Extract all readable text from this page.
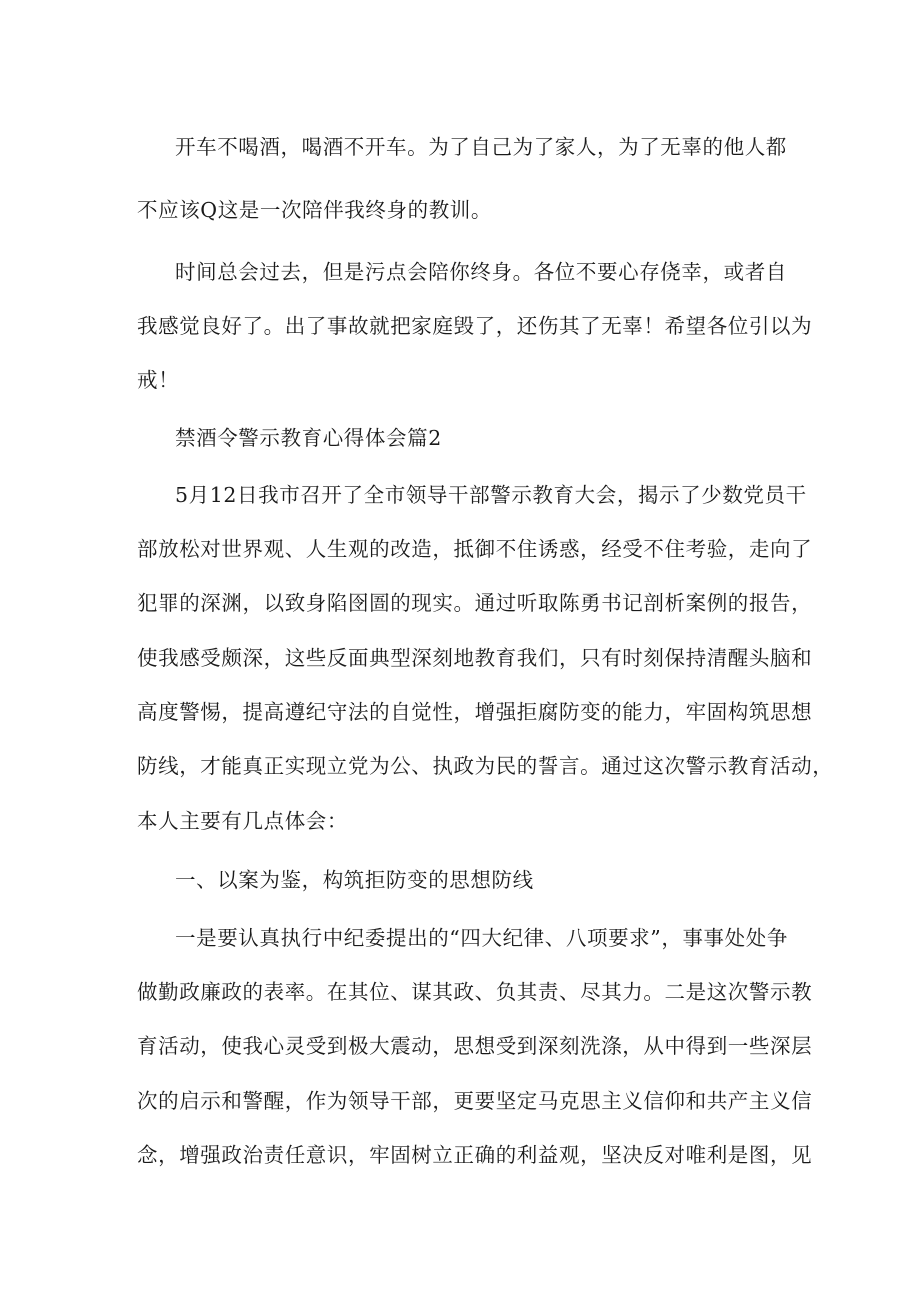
开车不喝酒，喝酒不开车。为了自己为了家人，为了无辜的他人都
不应该Q这是一次陪伴我终身的教训。
时间总会过去，但是污点会陪你终身。各位不要心存侥幸，或者自
我感觉良好了。出了事故就把家庭毁了，还伤其了无辜！希望各位引以为
戒！
禁酒令警示教育心得体会篇2
5月12日我市召开了全市领导干部警示教育大会，揭示了少数党员干
部放松对世界观、人生观的改造，抵御不住诱惑，经受不住考验，走向了
犯罪的深渊，以致身陷囹圄的现实。通过听取陈勇书记剖析案例的报告，
使我感受颇深，这些反面典型深刻地教育我们，只有时刻保持清醒头脑和
高度警惕，提高遵纪守法的自觉性，增强拒腐防变的能力，牢固构筑思想
防线，才能真正实现立党为公、执政为民的誓言。通过这次警示教育活动，
本人主要有几点体会：
一、以案为鉴，构筑拒防变的思想防线
一是要认真执行中纪委提出的“四大纪律、八项要求”，事事处处争
做勤政廉政的表率。在其位、谋其政、负其责、尽其力。二是这次警示教
育活动，使我心灵受到极大震动，思想受到深刻洗涤，从中得到一些深层
次的启示和警醒，作为领导干部，更要坚定马克思主义信仰和共产主义信
念，增强政治责任意识，牢固树立正确的利益观，坚决反对唯利是图，见
